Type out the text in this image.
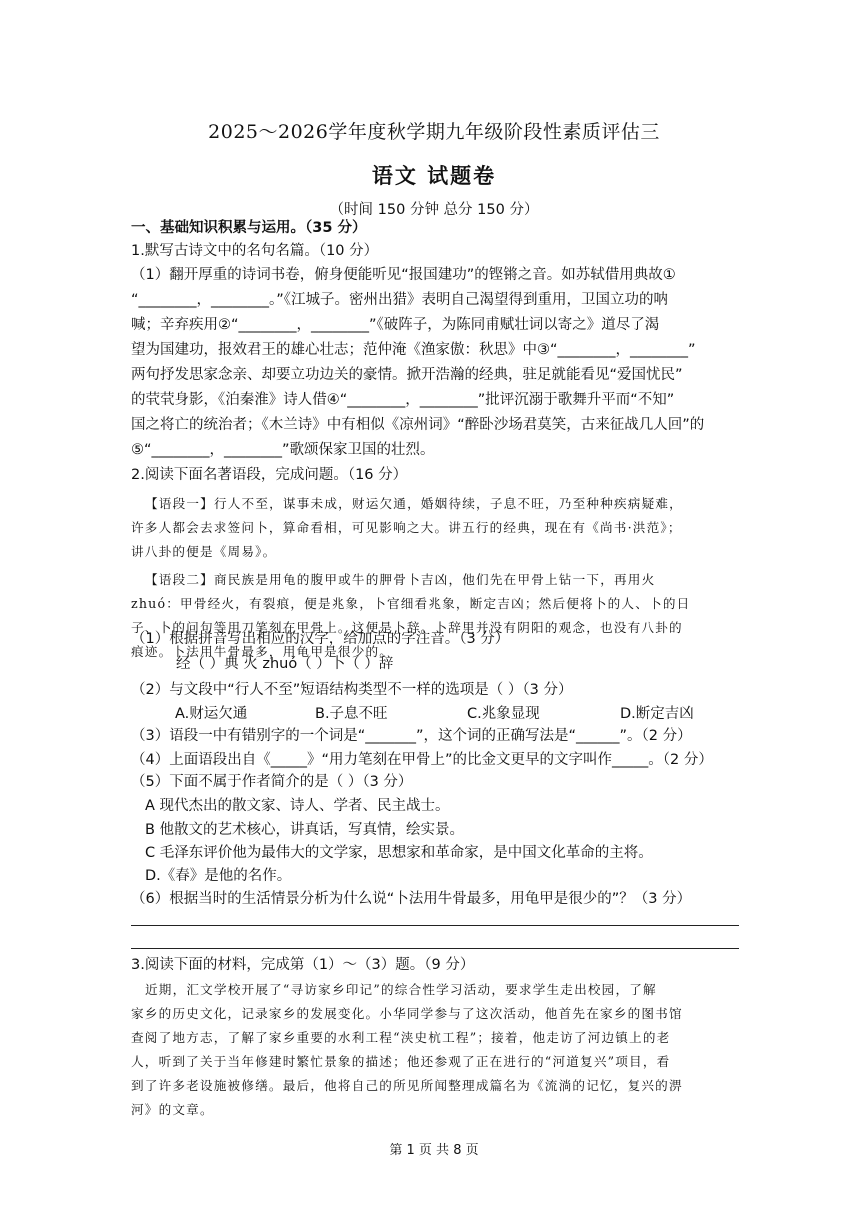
2025～2026学年度秋学期九年级阶段性素质评估三
语文 试题卷
（时间 150 分钟 总分 150 分）
一、基础知识积累与运用。（35 分）
1.默写古诗文中的名句名篇。（10 分）
（1）翻开厚重的诗词书卷，俯身便能听见“报国建功”的铿锵之音。如苏轼借用典故①
“________，________。”《江城子。密州出猎》表明自己渴望得到重用，卫国立功的呐
喊；辛弃疾用②“________，________”《破阵子，为陈同甫赋壮词以寄之》道尽了渴
望为国建功，报效君王的雄心壮志；范仲淹《渔家傲：秋思》中③“________，________”
两句抒发思家念亲、却要立功边关的豪情。掀开浩瀚的经典，驻足就能看见“爱国忧民”
的茕茕身影，《泊秦淮》诗人借④“________，________”批评沉溺于歌舞升平而“不知”
国之将亡的统治者；《木兰诗》中有相似《凉州词》“醉卧沙场君莫笑，古来征战几人回”的
⑤“________，________”歌颂保家卫国的壮烈。
2.阅读下面名著语段，完成问题。（16 分）
【语段一】行人不至，谋事未成，财运欠通，婚姻待续，子息不旺，乃至种种疾病疑难，
许多人都会去求签问卜，算命看相，可见影响之大。讲五行的经典，现在有《尚书·洪范》；
讲八卦的便是《周易》。
【语段二】商民族是用龟的腹甲或牛的胛骨卜吉凶，他们先在甲骨上钻一下，再用火
zhuó：甲骨经火，有裂痕，便是兆象，卜官细看兆象，断定吉凶；然后便将卜的人、卜的日
子、卜的问句等用刀笔刻在甲骨上。这便是卜辞。卜辞里并没有阴阳的观念，也没有八卦的
痕迹。卜法用牛骨最多，用龟甲是很少的。
（1）根据拼音写出相应的汉字，给加点的字注音。（3 分）
经（ ）典 火 zhuó（ ）卜（ ）辞
（2）与文段中“行人不至”短语结构类型不一样的选项是（ ）（3 分）
A.财运欠通	B.子息不旺	C.兆象显现	D.断定吉凶
（3）语段一中有错别字的一个词是“_______”，这个词的正确写法是“______”。（2 分）
（4）上面语段出自《_____》“用力笔刻在甲骨上”的比金文更早的文字叫作_____。（2 分）
（5）下面不属于作者简介的是（ ）（3 分）
A 现代杰出的散文家、诗人、学者、民主战士。
B 他散文的艺术核心，讲真话，写真情，绘实景。
C 毛泽东评价他为最伟大的文学家，思想家和革命家，是中国文化革命的主将。
D.《春》是他的名作。
（6）根据当时的生活情景分析为什么说“卜法用牛骨最多，用龟甲是很少的”？（3 分）
3.阅读下面的材料，完成第（1）～（3）题。（9 分）
近期，汇文学校开展了“寻访家乡印记”的综合性学习活动，要求学生走出校园，了解
家乡的历史文化，记录家乡的发展变化。小华同学参与了这次活动，他首先在家乡的图书馆
查阅了地方志，了解了家乡重要的水利工程“浃史杭工程”；接着，他走访了河边镇上的老
人，听到了关于当年修建时繁忙景象的描述；他还参观了正在进行的“河道复兴”项目，看
到了许多老设施被修缮。最后，他将自己的所见所闻整理成篇名为《流淌的记忆，复兴的淠
河》的文章。
第 1 页 共 8 页
